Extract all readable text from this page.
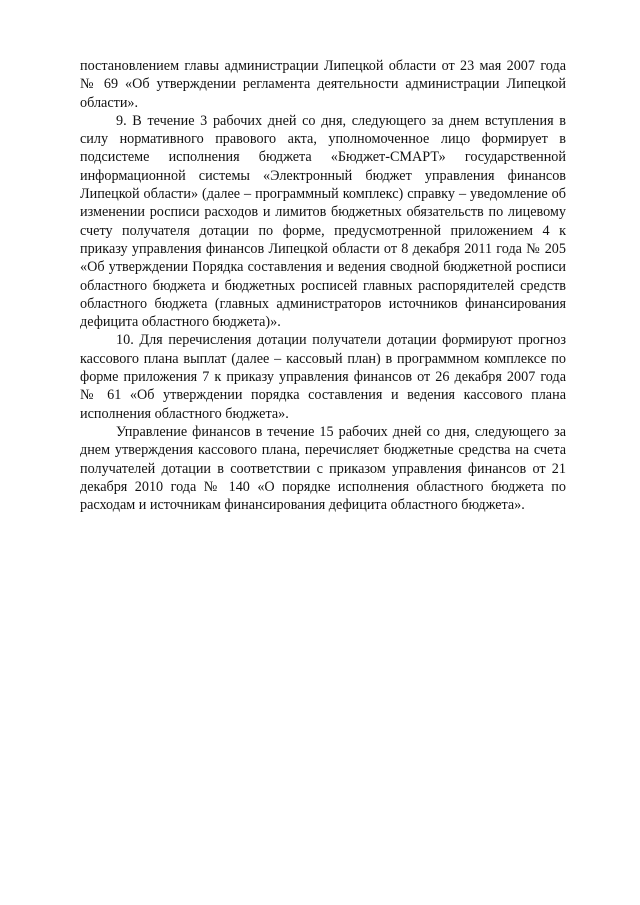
постановлением главы администрации Липецкой области от 23 мая 2007 года № 69 «Об утверждении регламента деятельности администрации Липецкой области».

9. В течение 3 рабочих дней со дня, следующего за днем вступления в силу нормативного правового акта, уполномоченное лицо формирует в подсистеме исполнения бюджета «Бюджет-СМАРТ» государственной информационной системы «Электронный бюджет управления финансов Липецкой области» (далее – программный комплекс) справку – уведомление об изменении росписи расходов и лимитов бюджетных обязательств по лицевому счету получателя дотации по форме, предусмотренной приложением 4 к приказу управления финансов Липецкой области от 8 декабря 2011 года № 205 «Об утверждении Порядка составления и ведения сводной бюджетной росписи областного бюджета и бюджетных росписей главных распорядителей средств областного бюджета (главных администраторов источников финансирования дефицита областного бюджета)».

10. Для перечисления дотации получатели дотации формируют прогноз кассового плана выплат (далее – кассовый план) в программном комплексе по форме приложения 7 к приказу управления финансов от 26 декабря 2007 года № 61 «Об утверждении порядка составления и ведения кассового плана исполнения областного бюджета».

Управление финансов в течение 15 рабочих дней со дня, следующего за днем утверждения кассового плана, перечисляет бюджетные средства на счета получателей дотации в соответствии с приказом управления финансов от 21 декабря 2010 года № 140 «О порядке исполнения областного бюджета по расходам и источникам финансирования дефицита областного бюджета».
